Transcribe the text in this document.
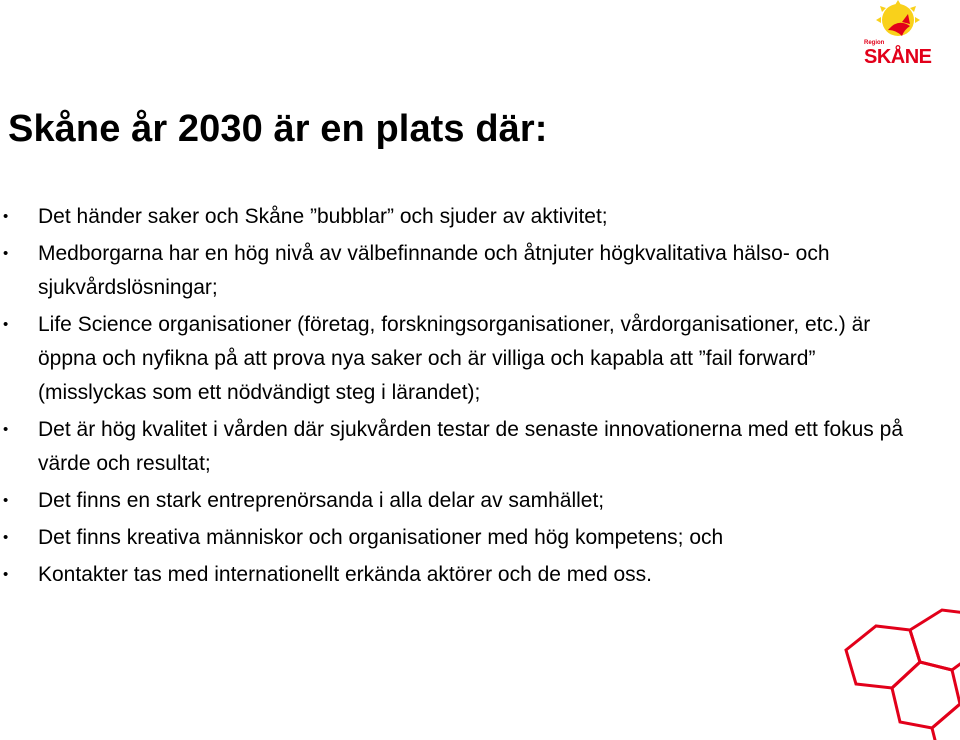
Region
SKÅNE
Skåne år 2030 är en plats där:
• Det händer saker och Skåne ”bubblar” och sjuder av aktivitet;
• Medborgarna har en hög nivå av välbefinnande och åtnjuter högkvalitativa hälso- och sjukvårdslösningar;
• Life Science organisationer (företag, forskningsorganisationer, vårdorganisationer, etc.) är öppna och nyfikna på att prova nya saker och är villiga och kapabla att ”fail forward” (misslyckas som ett nödvändigt steg i lärandet);
• Det är hög kvalitet i vården där sjukvården testar de senaste innovationerna med ett fokus på värde och resultat;
• Det finns en stark entreprenörsanda i alla delar av samhället;
• Det finns kreativa människor och organisationer med hög kompetens; och
• Kontakter tas med internationellt erkända aktörer och de med oss.
